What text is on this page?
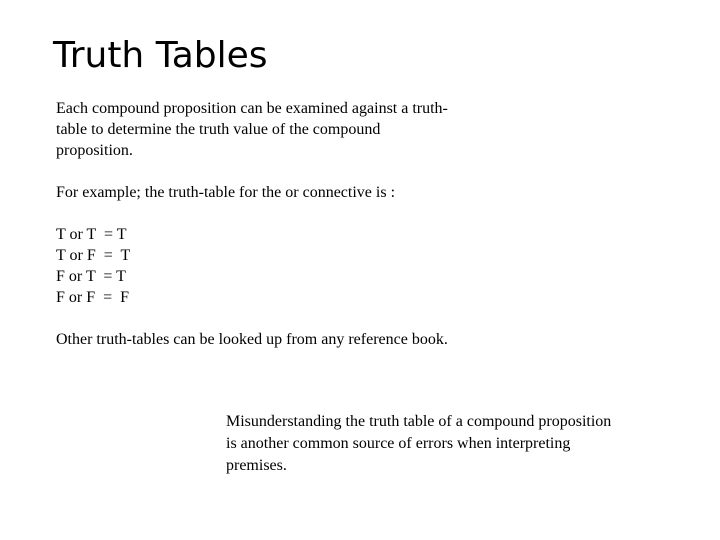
Truth Tables

Each compound proposition can be examined against a truth-
table to determine the truth value of the compound
proposition.

For example; the truth-table for the or connective is :

T or T  = T
T or F  =  T
F or T  = T
F or F  =  F

Other truth-tables can be looked up from any reference book.

Misunderstanding the truth table of a compound proposition
is another common source of errors when interpreting
premises.
